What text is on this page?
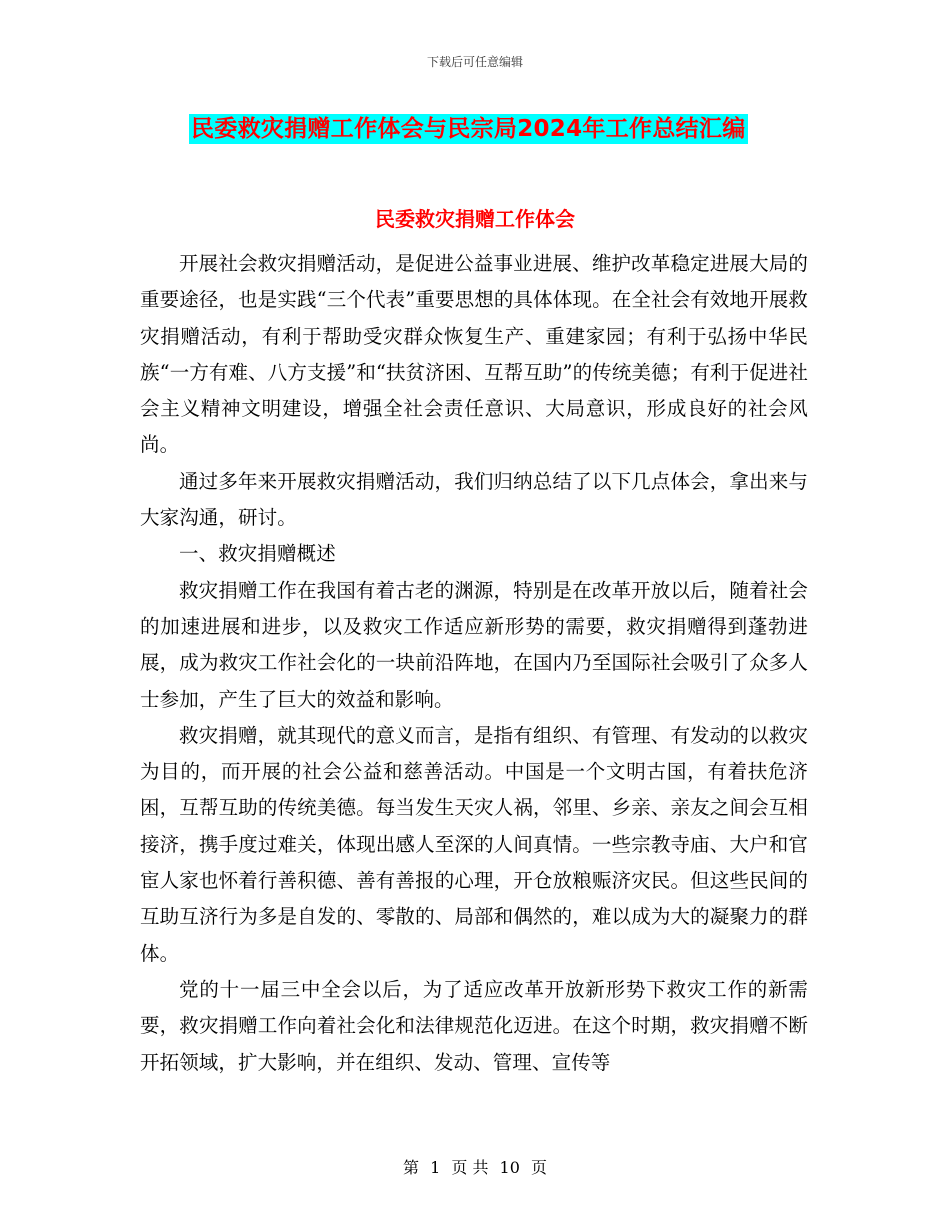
下载后可任意编辑
民委救灾捐赠工作体会与民宗局2024年工作总结汇编
民委救灾捐赠工作体会

开展社会救灾捐赠活动，是促进公益事业进展、维护改革稳定进展大局的重要途径，也是实践“三个代表”重要思想的具体体现。在全社会有效地开展救灾捐赠活动，有利于帮助受灾群众恢复生产、重建家园；有利于弘扬中华民族“一方有难、八方支援”和“扶贫济困、互帮互助”的传统美德；有利于促进社会主义精神文明建设，增强全社会责任意识、大局意识，形成良好的社会风尚。

通过多年来开展救灾捐赠活动，我们归纳总结了以下几点体会，拿出来与大家沟通，研讨。

一、救灾捐赠概述

救灾捐赠工作在我国有着古老的渊源，特别是在改革开放以后，随着社会的加速进展和进步，以及救灾工作适应新形势的需要，救灾捐赠得到蓬勃进展，成为救灾工作社会化的一块前沿阵地，在国内乃至国际社会吸引了众多人士参加，产生了巨大的效益和影响。

救灾捐赠，就其现代的意义而言，是指有组织、有管理、有发动的以救灾为目的，而开展的社会公益和慈善活动。中国是一个文明古国，有着扶危济困，互帮互助的传统美德。每当发生天灾人祸，邻里、乡亲、亲友之间会互相接济，携手度过难关，体现出感人至深的人间真情。一些宗教寺庙、大户和官宦人家也怀着行善积德、善有善报的心理，开仓放粮赈济灾民。但这些民间的互助互济行为多是自发的、零散的、局部和偶然的，难以成为大的凝聚力的群体。

党的十一届三中全会以后，为了适应改革开放新形势下救灾工作的新需要，救灾捐赠工作向着社会化和法律规范化迈进。在这个时期，救灾捐赠不断开拓领域，扩大影响，并在组织、发动、管理、宣传等

第 1 页 共 10 页
